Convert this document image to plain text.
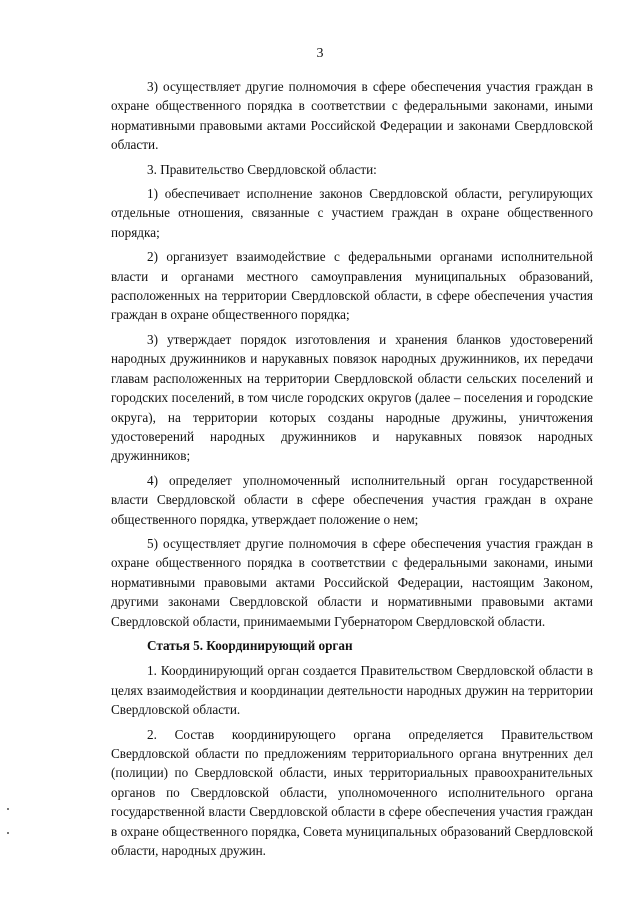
3

3) осуществляет другие полномочия в сфере обеспечения участия граждан в охране общественного порядка в соответствии с федеральными законами, иными нормативными правовыми актами Российской Федерации и законами Свердловской области.

3. Правительство Свердловской области:

1) обеспечивает исполнение законов Свердловской области, регулирующих отдельные отношения, связанные с участием граждан в охране общественного порядка;

2) организует взаимодействие с федеральными органами исполнительной власти и органами местного самоуправления муниципальных образований, расположенных на территории Свердловской области, в сфере обеспечения участия граждан в охране общественного порядка;

3) утверждает порядок изготовления и хранения бланков удостоверений народных дружинников и нарукавных повязок народных дружинников, их передачи главам расположенных на территории Свердловской области сельских поселений и городских поселений, в том числе городских округов (далее – поселения и городские округа), на территории которых созданы народные дружины, уничтожения удостоверений народных дружинников и нарукавных повязок народных дружинников;

4) определяет уполномоченный исполнительный орган государственной власти Свердловской области в сфере обеспечения участия граждан в охране общественного порядка, утверждает положение о нем;

5) осуществляет другие полномочия в сфере обеспечения участия граждан в охране общественного порядка в соответствии с федеральными законами, иными нормативными правовыми актами Российской Федерации, настоящим Законом, другими законами Свердловской области и нормативными правовыми актами Свердловской области, принимаемыми Губернатором Свердловской области.

Статья 5. Координирующий орган

1. Координирующий орган создается Правительством Свердловской области в целях взаимодействия и координации деятельности народных дружин на территории Свердловской области.

2. Состав координирующего органа определяется Правительством Свердловской области по предложениям территориального органа внутренних дел (полиции) по Свердловской области, иных территориальных правоохранительных органов по Свердловской области, уполномоченного исполнительного органа государственной власти Свердловской области в сфере обеспечения участия граждан в охране общественного порядка, Совета муниципальных образований Свердловской области, народных дружин.
